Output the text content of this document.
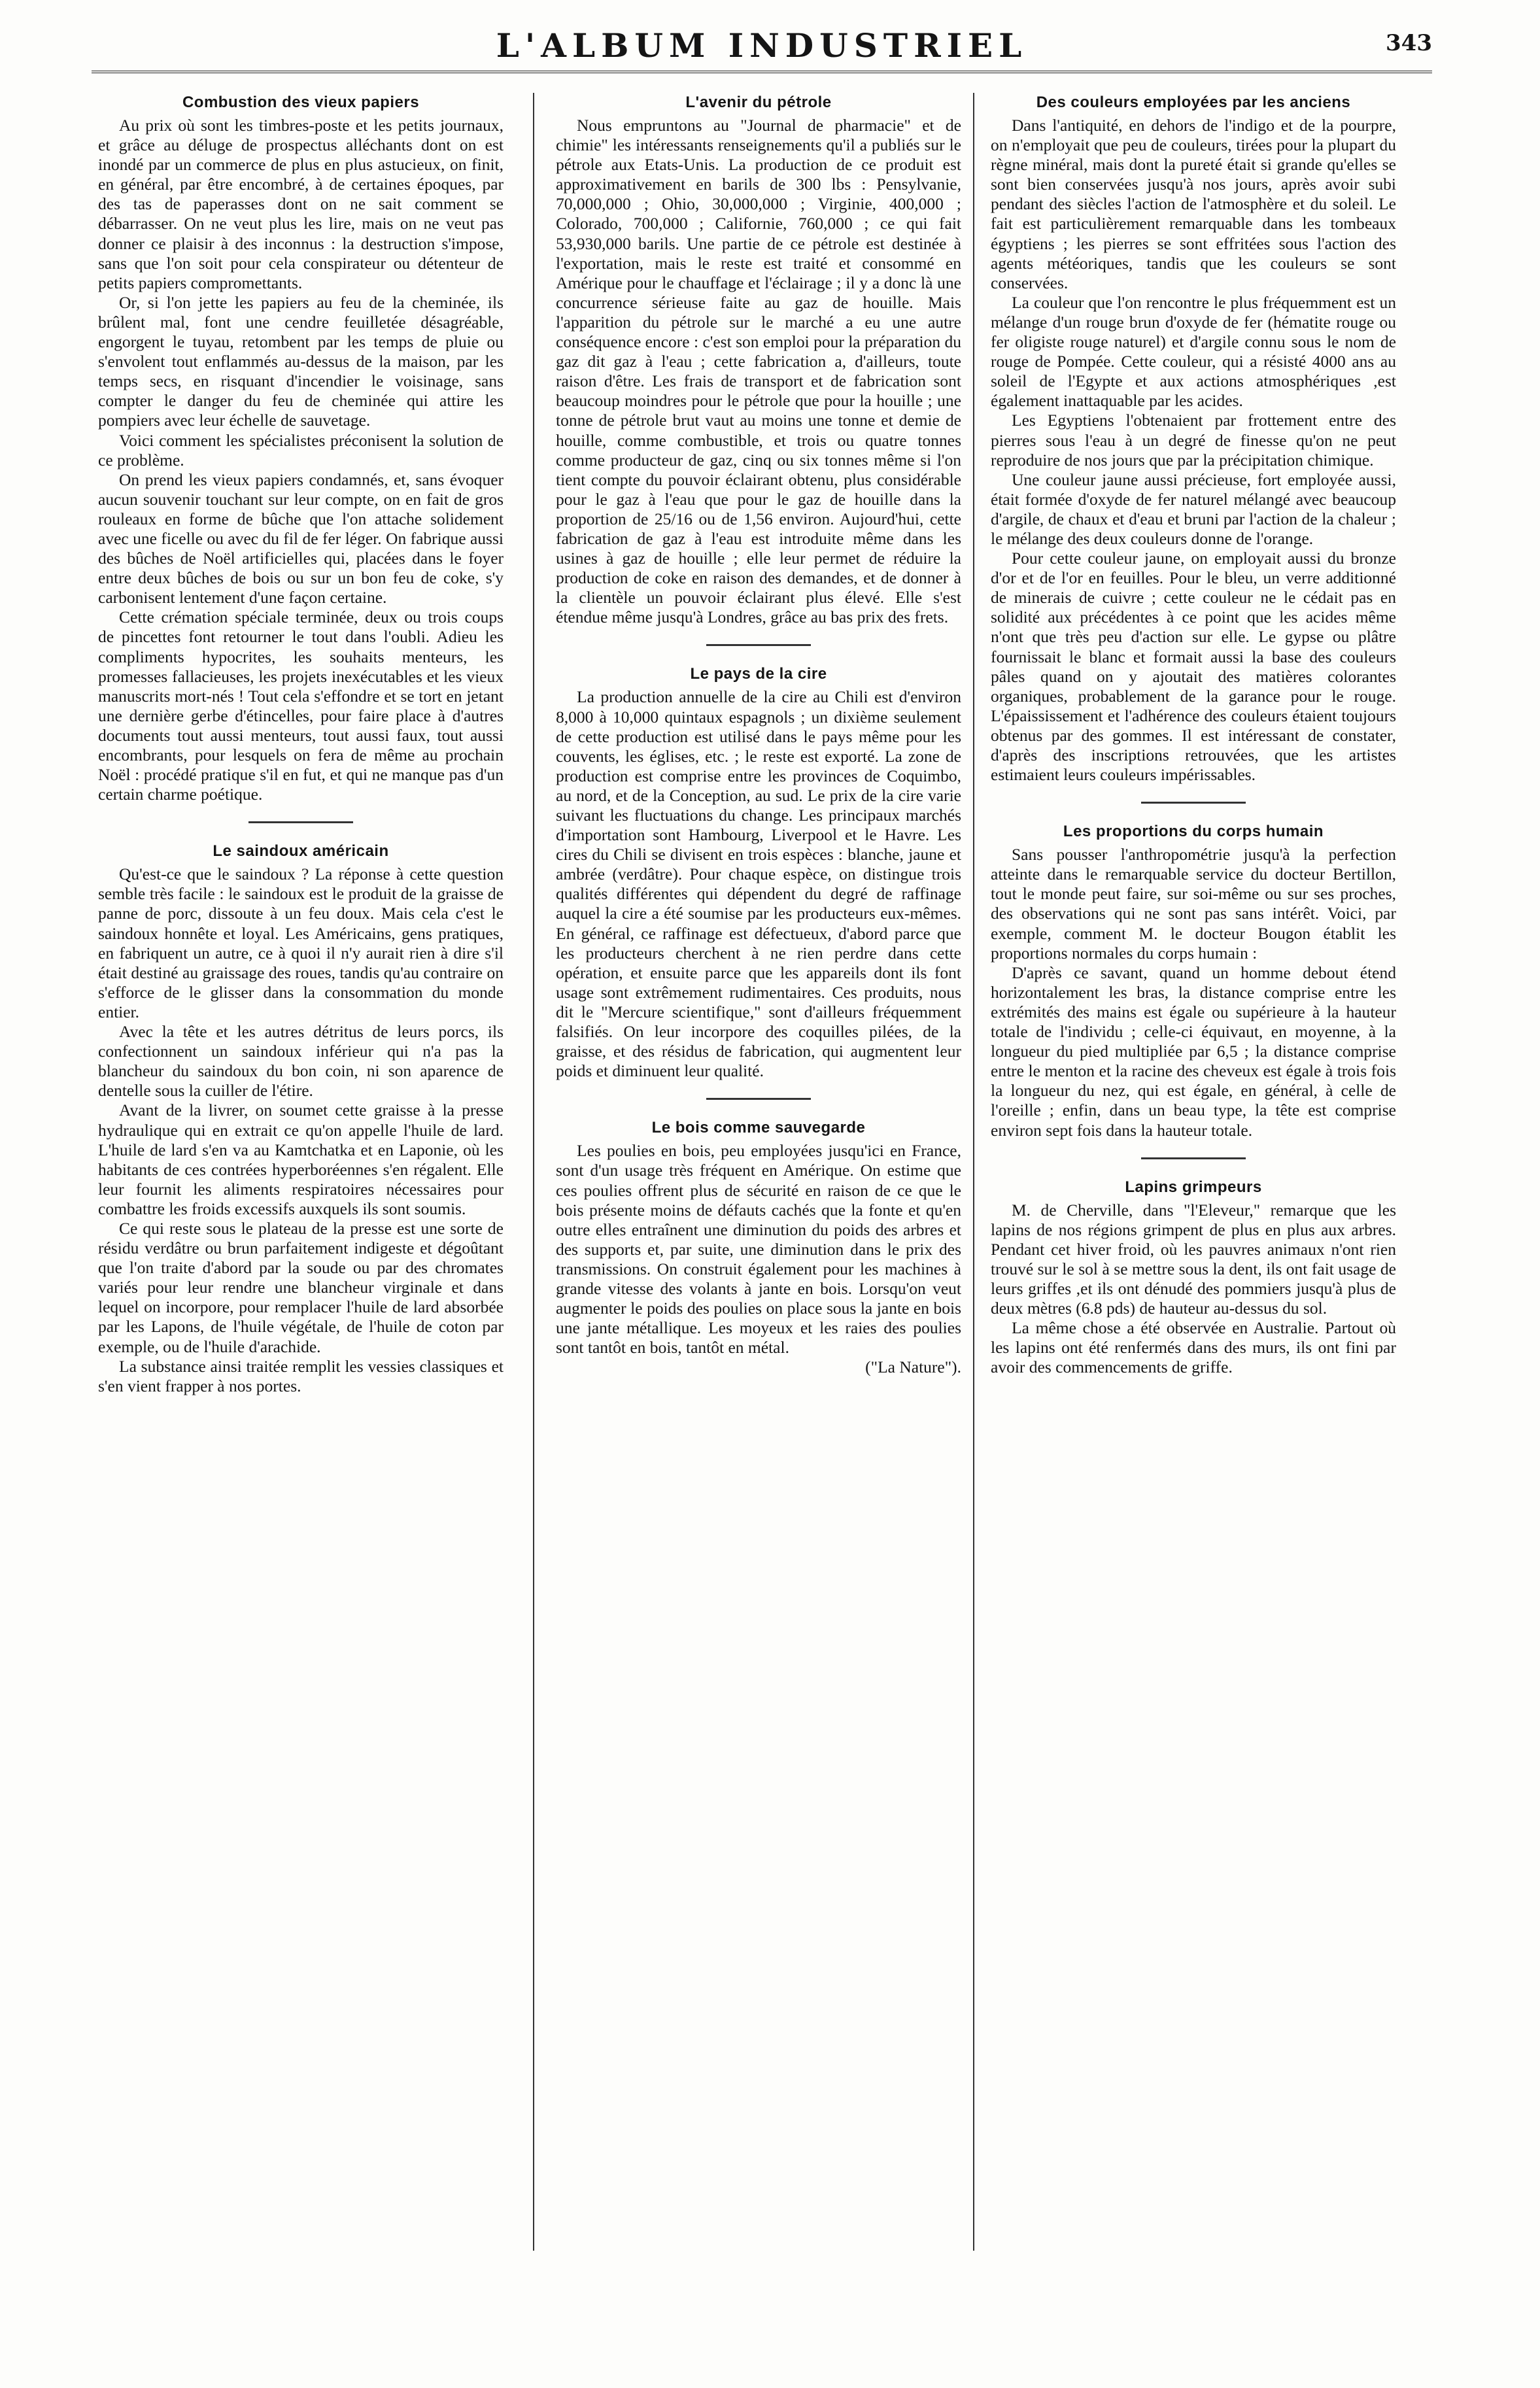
L'ALBUM INDUSTRIEL	343
Combustion des vieux papiers

Au prix où sont les timbres-poste et les petits journaux, et grâce au déluge de prospectus alléchants dont on est inondé par un commerce de plus en plus astucieux, on finit, en général, par être encombré, à de certaines époques, par des tas de paperasses dont on ne sait comment se débarrasser. On ne veut plus les lire, mais on ne veut pas donner ce plaisir à des inconnus : la destruction s'impose, sans que l'on soit pour cela conspirateur ou détenteur de petits papiers compromettants.

Or, si l'on jette les papiers au feu de la cheminée, ils brûlent mal, font une cendre feuilletée désagréable, engorgent le tuyau, retombent par les temps de pluie ou s'envolent tout enflammés au-dessus de la maison, par les temps secs, en risquant d'incendier le voisinage, sans compter le danger du feu de cheminée qui attire les pompiers avec leur échelle de sauvetage.

Voici comment les spécialistes préconisent la solution de ce problème.

On prend les vieux papiers condamnés, et, sans évoquer aucun souvenir touchant sur leur compte, on en fait de gros rouleaux en forme de bûche que l'on attache solidement avec une ficelle ou avec du fil de fer léger. On fabrique aussi des bûches de Noël artificielles qui, placées dans le foyer entre deux bûches de bois ou sur un bon feu de coke, s'y carbonisent lentement d'une façon certaine.

Cette crémation spéciale terminée, deux ou trois coups de pincettes font retourner le tout dans l'oubli. Adieu les compliments hypocrites, les souhaits menteurs, les promesses fallacieuses, les projets inexécutables et les vieux manuscrits mort-nés ! Tout cela s'effondre et se tort en jetant une dernière gerbe d'étincelles, pour faire place à d'autres documents tout aussi menteurs, tout aussi faux, tout aussi encombrants, pour lesquels on fera de même au prochain Noël : procédé pratique s'il en fut, et qui ne manque pas d'un certain charme poétique.

Le saindoux américain

Qu'est-ce que le saindoux ? La réponse à cette question semble très facile : le saindoux est le produit de la graisse de panne de porc, dissoute à un feu doux. Mais cela c'est le saindoux honnête et loyal. Les Américains, gens pratiques, en fabriquent un autre, ce à quoi il n'y aurait rien à dire s'il était destiné au graissage des roues, tandis qu'au contraire on s'efforce de le glisser dans la consommation du monde entier.

Avec la tête et les autres détritus de leurs porcs, ils confectionnent un saindoux inférieur qui n'a pas la blancheur du saindoux du bon coin, ni son aparence de dentelle sous la cuiller de l'étire.

Avant de la livrer, on soumet cette graisse à la presse hydraulique qui en extrait ce qu'on appelle l'huile de lard. L'huile de lard s'en va au Kamtchatka et en Laponie, où les habitants de ces contrées hyperboréennes s'en régalent. Elle leur fournit les aliments respiratoires nécessaires pour combattre les froids excessifs auxquels ils sont soumis.

Ce qui reste sous le plateau de la presse est une sorte de résidu verdâtre ou brun parfaitement indigeste et dégoûtant que l'on traite d'abord par la soude ou par des chromates variés pour leur rendre une blancheur virginale et dans lequel on incorpore, pour remplacer l'huile de lard absorbée par les Lapons, de l'huile végétale, de l'huile de coton par exemple, ou de l'huile d'arachide.

La substance ainsi traitée remplit les vessies classiques et s'en vient frapper à nos portes.

L'avenir du pétrole

Nous empruntons au "Journal de pharmacie" et de chimie" les intéressants renseignements qu'il a publiés sur le pétrole aux Etats-Unis. La production de ce produit est approximativement en barils de 300 lbs : Pensylvanie, 70,000,000 ; Ohio, 30,000,000 ; Virginie, 400,000 ; Colorado, 700,000 ; Californie, 760,000 ; ce qui fait 53,930,000 barils. Une partie de ce pétrole est destinée à l'exportation, mais le reste est traité et consommé en Amérique pour le chauffage et l'éclairage ; il y a donc là une concurrence sérieuse faite au gaz de houille. Mais l'apparition du pétrole sur le marché a eu une autre conséquence encore : c'est son emploi pour la préparation du gaz dit gaz à l'eau ; cette fabrication a, d'ailleurs, toute raison d'être. Les frais de transport et de fabrication sont beaucoup moindres pour le pétrole que pour la houille ; une tonne de pétrole brut vaut au moins une tonne et demie de houille, comme combustible, et trois ou quatre tonnes comme producteur de gaz, cinq ou six tonnes même si l'on tient compte du pouvoir éclairant obtenu, plus considérable pour le gaz à l'eau que pour le gaz de houille dans la proportion de 25/16 ou de 1,56 environ. Aujourd'hui, cette fabrication de gaz à l'eau est introduite même dans les usines à gaz de houille ; elle leur permet de réduire la production de coke en raison des demandes, et de donner à la clientèle un pouvoir éclairant plus élevé. Elle s'est étendue même jusqu'à Londres, grâce au bas prix des frets.

Le pays de la cire

La production annuelle de la cire au Chili est d'environ 8,000 à 10,000 quintaux espagnols ; un dixième seulement de cette production est utilisé dans le pays même pour les couvents, les églises, etc. ; le reste est exporté. La zone de production est comprise entre les provinces de Coquimbo, au nord, et de la Conception, au sud. Le prix de la cire varie suivant les fluctuations du change. Les principaux marchés d'importation sont Hambourg, Liverpool et le Havre. Les cires du Chili se divisent en trois espèces : blanche, jaune et ambrée (verdâtre). Pour chaque espèce, on distingue trois qualités différentes qui dépendent du degré de raffinage auquel la cire a été soumise par les producteurs eux-mêmes. En général, ce raffinage est défectueux, d'abord parce que les producteurs cherchent à ne rien perdre dans cette opération, et ensuite parce que les appareils dont ils font usage sont extrêmement rudimentaires. Ces produits, nous dit le "Mercure scientifique," sont d'ailleurs fréquemment falsifiés. On leur incorpore des coquilles pilées, de la graisse, et des résidus de fabrication, qui augmentent leur poids et diminuent leur qualité.

Le bois comme sauvegarde

Les poulies en bois, peu employées jusqu'ici en France, sont d'un usage très fréquent en Amérique. On estime que ces poulies offrent plus de sécurité en raison de ce que le bois présente moins de défauts cachés que la fonte et qu'en outre elles entraînent une diminution du poids des arbres et des supports et, par suite, une diminution dans le prix des transmissions. On construit également pour les machines à grande vitesse des volants à jante en bois. Lorsqu'on veut augmenter le poids des poulies on place sous la jante en bois une jante métallique. Les moyeux et les raies des poulies sont tantôt en bois, tantôt en métal.

("La Nature").

Des couleurs employées par les anciens

Dans l'antiquité, en dehors de l'indigo et de la pourpre, on n'employait que peu de couleurs, tirées pour la plupart du règne minéral, mais dont la pureté était si grande qu'elles se sont bien conservées jusqu'à nos jours, après avoir subi pendant des siècles l'action de l'atmosphère et du soleil. Le fait est particulièrement remarquable dans les tombeaux égyptiens ; les pierres se sont effritées sous l'action des agents météoriques, tandis que les couleurs se sont conservées.

La couleur que l'on rencontre le plus fréquemment est un mélange d'un rouge brun d'oxyde de fer (hématite rouge ou fer oligiste rouge naturel) et d'argile connu sous le nom de rouge de Pompée. Cette couleur, qui a résisté 4000 ans au soleil de l'Egypte et aux actions atmosphériques ,est également inattaquable par les acides.

Les Egyptiens l'obtenaient par frottement entre des pierres sous l'eau à un degré de finesse qu'on ne peut reproduire de nos jours que par la précipitation chimique.

Une couleur jaune aussi précieuse, fort employée aussi, était formée d'oxyde de fer naturel mélangé avec beaucoup d'argile, de chaux et d'eau et bruni par l'action de la chaleur ; le mélange des deux couleurs donne de l'orange.

Pour cette couleur jaune, on employait aussi du bronze d'or et de l'or en feuilles. Pour le bleu, un verre additionné de minerais de cuivre ; cette couleur ne le cédait pas en solidité aux précédentes à ce point que les acides même n'ont que très peu d'action sur elle. Le gypse ou plâtre fournissait le blanc et formait aussi la base des couleurs pâles quand on y ajoutait des matières colorantes organiques, probablement de la garance pour le rouge. L'épaississement et l'adhérence des couleurs étaient toujours obtenus par des gommes. Il est intéressant de constater, d'après des inscriptions retrouvées, que les artistes estimaient leurs couleurs impérissables.

Les proportions du corps humain

Sans pousser l'anthropométrie jusqu'à la perfection atteinte dans le remarquable service du docteur Bertillon, tout le monde peut faire, sur soi-même ou sur ses proches, des observations qui ne sont pas sans intérêt. Voici, par exemple, comment M. le docteur Bougon établit les proportions normales du corps humain :

D'après ce savant, quand un homme debout étend horizontalement les bras, la distance comprise entre les extrémités des mains est égale ou supérieure à la hauteur totale de l'individu ; celle-ci équivaut, en moyenne, à la longueur du pied multipliée par 6,5 ; la distance comprise entre le menton et la racine des cheveux est égale à trois fois la longueur du nez, qui est égale, en général, à celle de l'oreille ; enfin, dans un beau type, la tête est comprise environ sept fois dans la hauteur totale.

Lapins grimpeurs

M. de Cherville, dans "l'Eleveur," remarque que les lapins de nos régions grimpent de plus en plus aux arbres. Pendant cet hiver froid, où les pauvres animaux n'ont rien trouvé sur le sol à se mettre sous la dent, ils ont fait usage de leurs griffes ,et ils ont dénudé des pommiers jusqu'à plus de deux mètres (6.8 pds) de hauteur au-dessus du sol.

La même chose a été observée en Australie. Partout où les lapins ont été renfermés dans des murs, ils ont fini par avoir des commencements de griffe.
